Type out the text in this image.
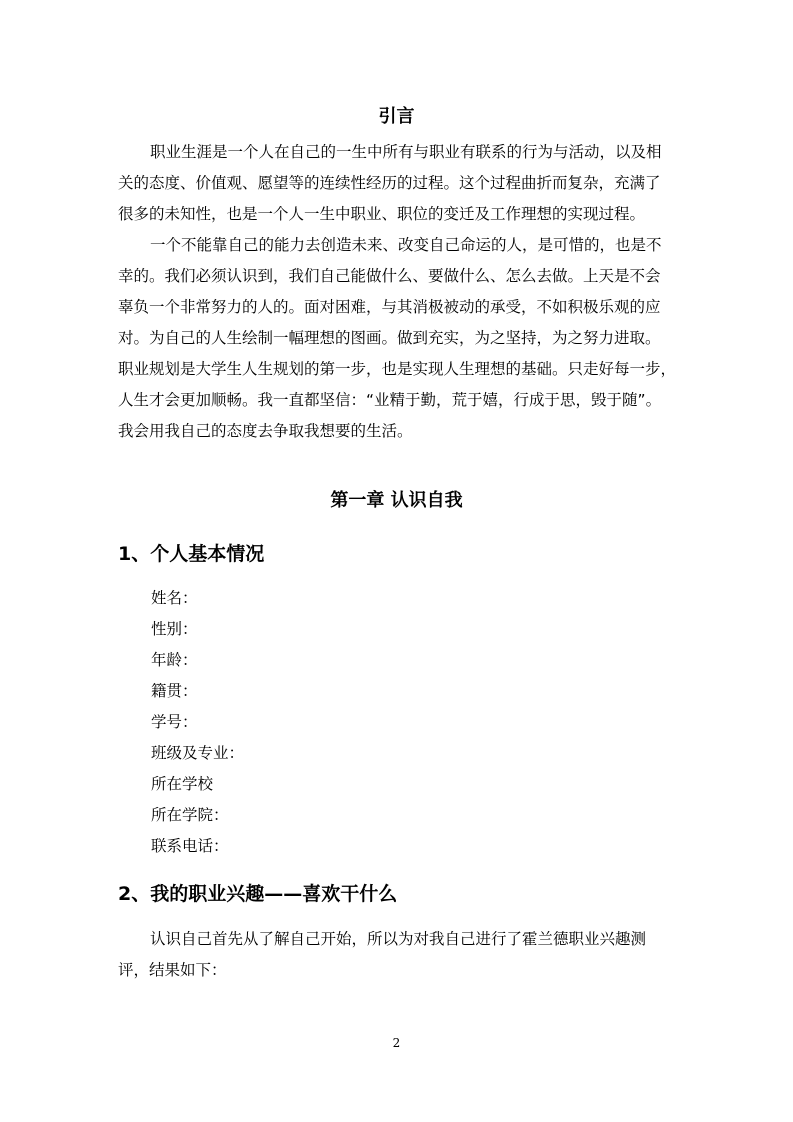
引言

职业生涯是一个人在自己的一生中所有与职业有联系的行为与活动，以及相
关的态度、价值观、愿望等的连续性经历的过程。这个过程曲折而复杂，充满了
很多的未知性，也是一个人一生中职业、职位的变迁及工作理想的实现过程。

一个不能靠自己的能力去创造未来、改变自己命运的人，是可惜的，也是不
幸的。我们必须认识到，我们自己能做什么、要做什么、怎么去做。上天是不会
辜负一个非常努力的人的。面对困难，与其消极被动的承受，不如积极乐观的应
对。为自己的人生绘制一幅理想的图画。做到充实，为之坚持，为之努力进取。
职业规划是大学生人生规划的第一步，也是实现人生理想的基础。只走好每一步，
人生才会更加顺畅。我一直都坚信：“业精于勤，荒于嬉，行成于思，毁于随”。
我会用我自己的态度去争取我想要的生活。

第一章 认识自我
1、个人基本情况
姓名：
性别：
年龄：
籍贯：
学号：
班级及专业：
所在学校
所在学院：
联系电话：
2、我的职业兴趣——喜欢干什么

认识自己首先从了解自己开始，所以为对我自己进行了霍兰德职业兴趣测
评，结果如下：

2
